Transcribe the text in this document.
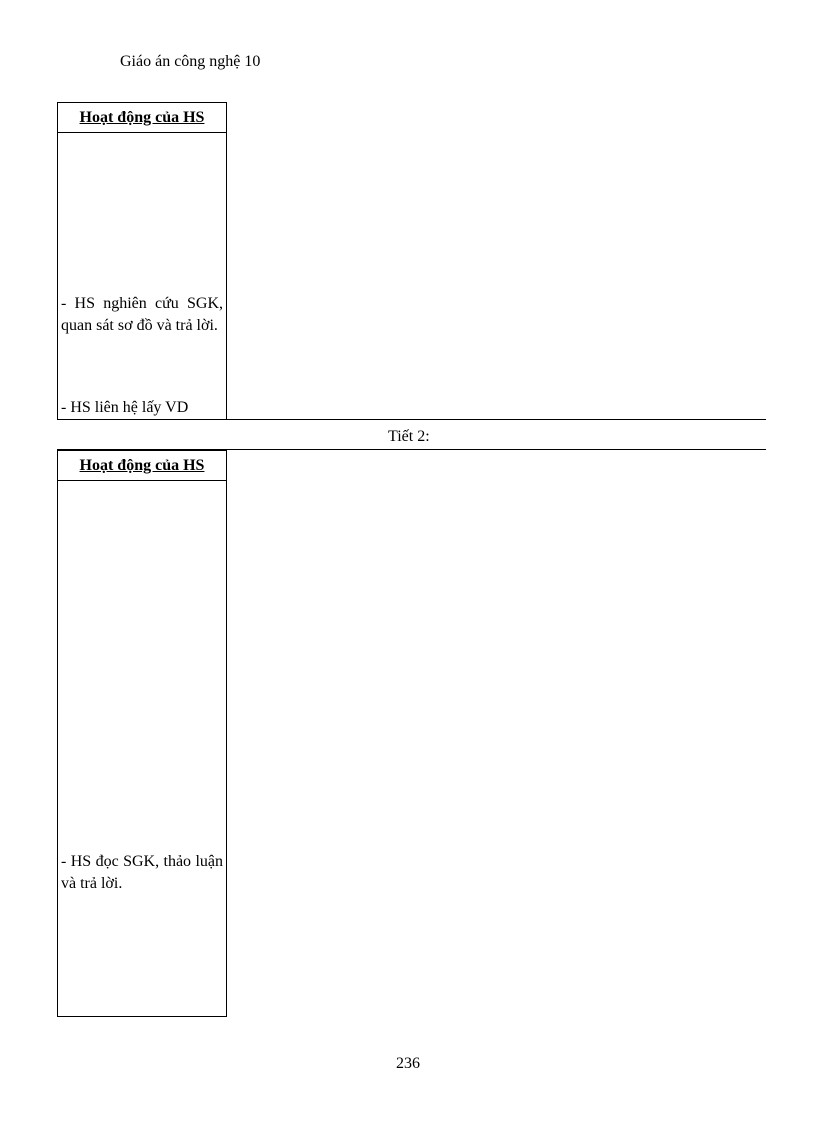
Giáo án công nghệ 10
Hoạt động của HS
- HS nghiên cứu SGK, quan sát sơ đồ và trả lời.
- HS liên hệ lấy VD
Tiết 2:
Hoạt động của HS
- HS đọc SGK, thảo luận và trả lời.
236
